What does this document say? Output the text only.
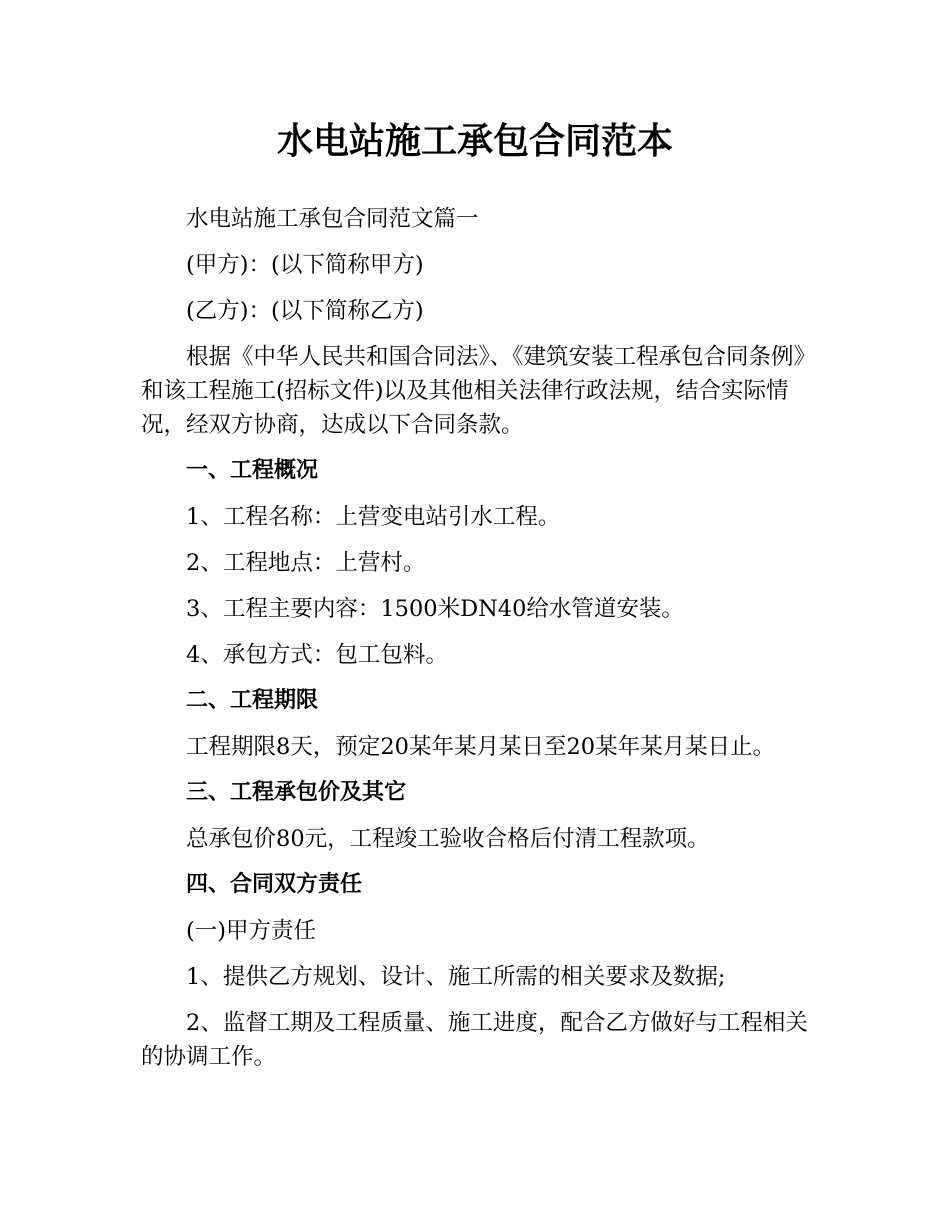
水电站施工承包合同范本

水电站施工承包合同范文篇一

(甲方)：(以下简称甲方)

(乙方)：(以下简称乙方)

根据《中华人民共和国合同法》、《建筑安装工程承包合同条例》和该工程施工(招标文件)以及其他相关法律行政法规，结合实际情况，经双方协商，达成以下合同条款。

一、工程概况

1、工程名称：上营变电站引水工程。

2、工程地点：上营村。

3、工程主要内容：1500米DN40给水管道安装。

4、承包方式：包工包料。

二、工程期限

工程期限8天，预定20某年某月某日至20某年某月某日止。

三、工程承包价及其它

总承包价80元，工程竣工验收合格后付清工程款项。

四、合同双方责任

(一)甲方责任

1、提供乙方规划、设计、施工所需的相关要求及数据;

2、监督工期及工程质量、施工进度，配合乙方做好与工程相关的协调工作。
